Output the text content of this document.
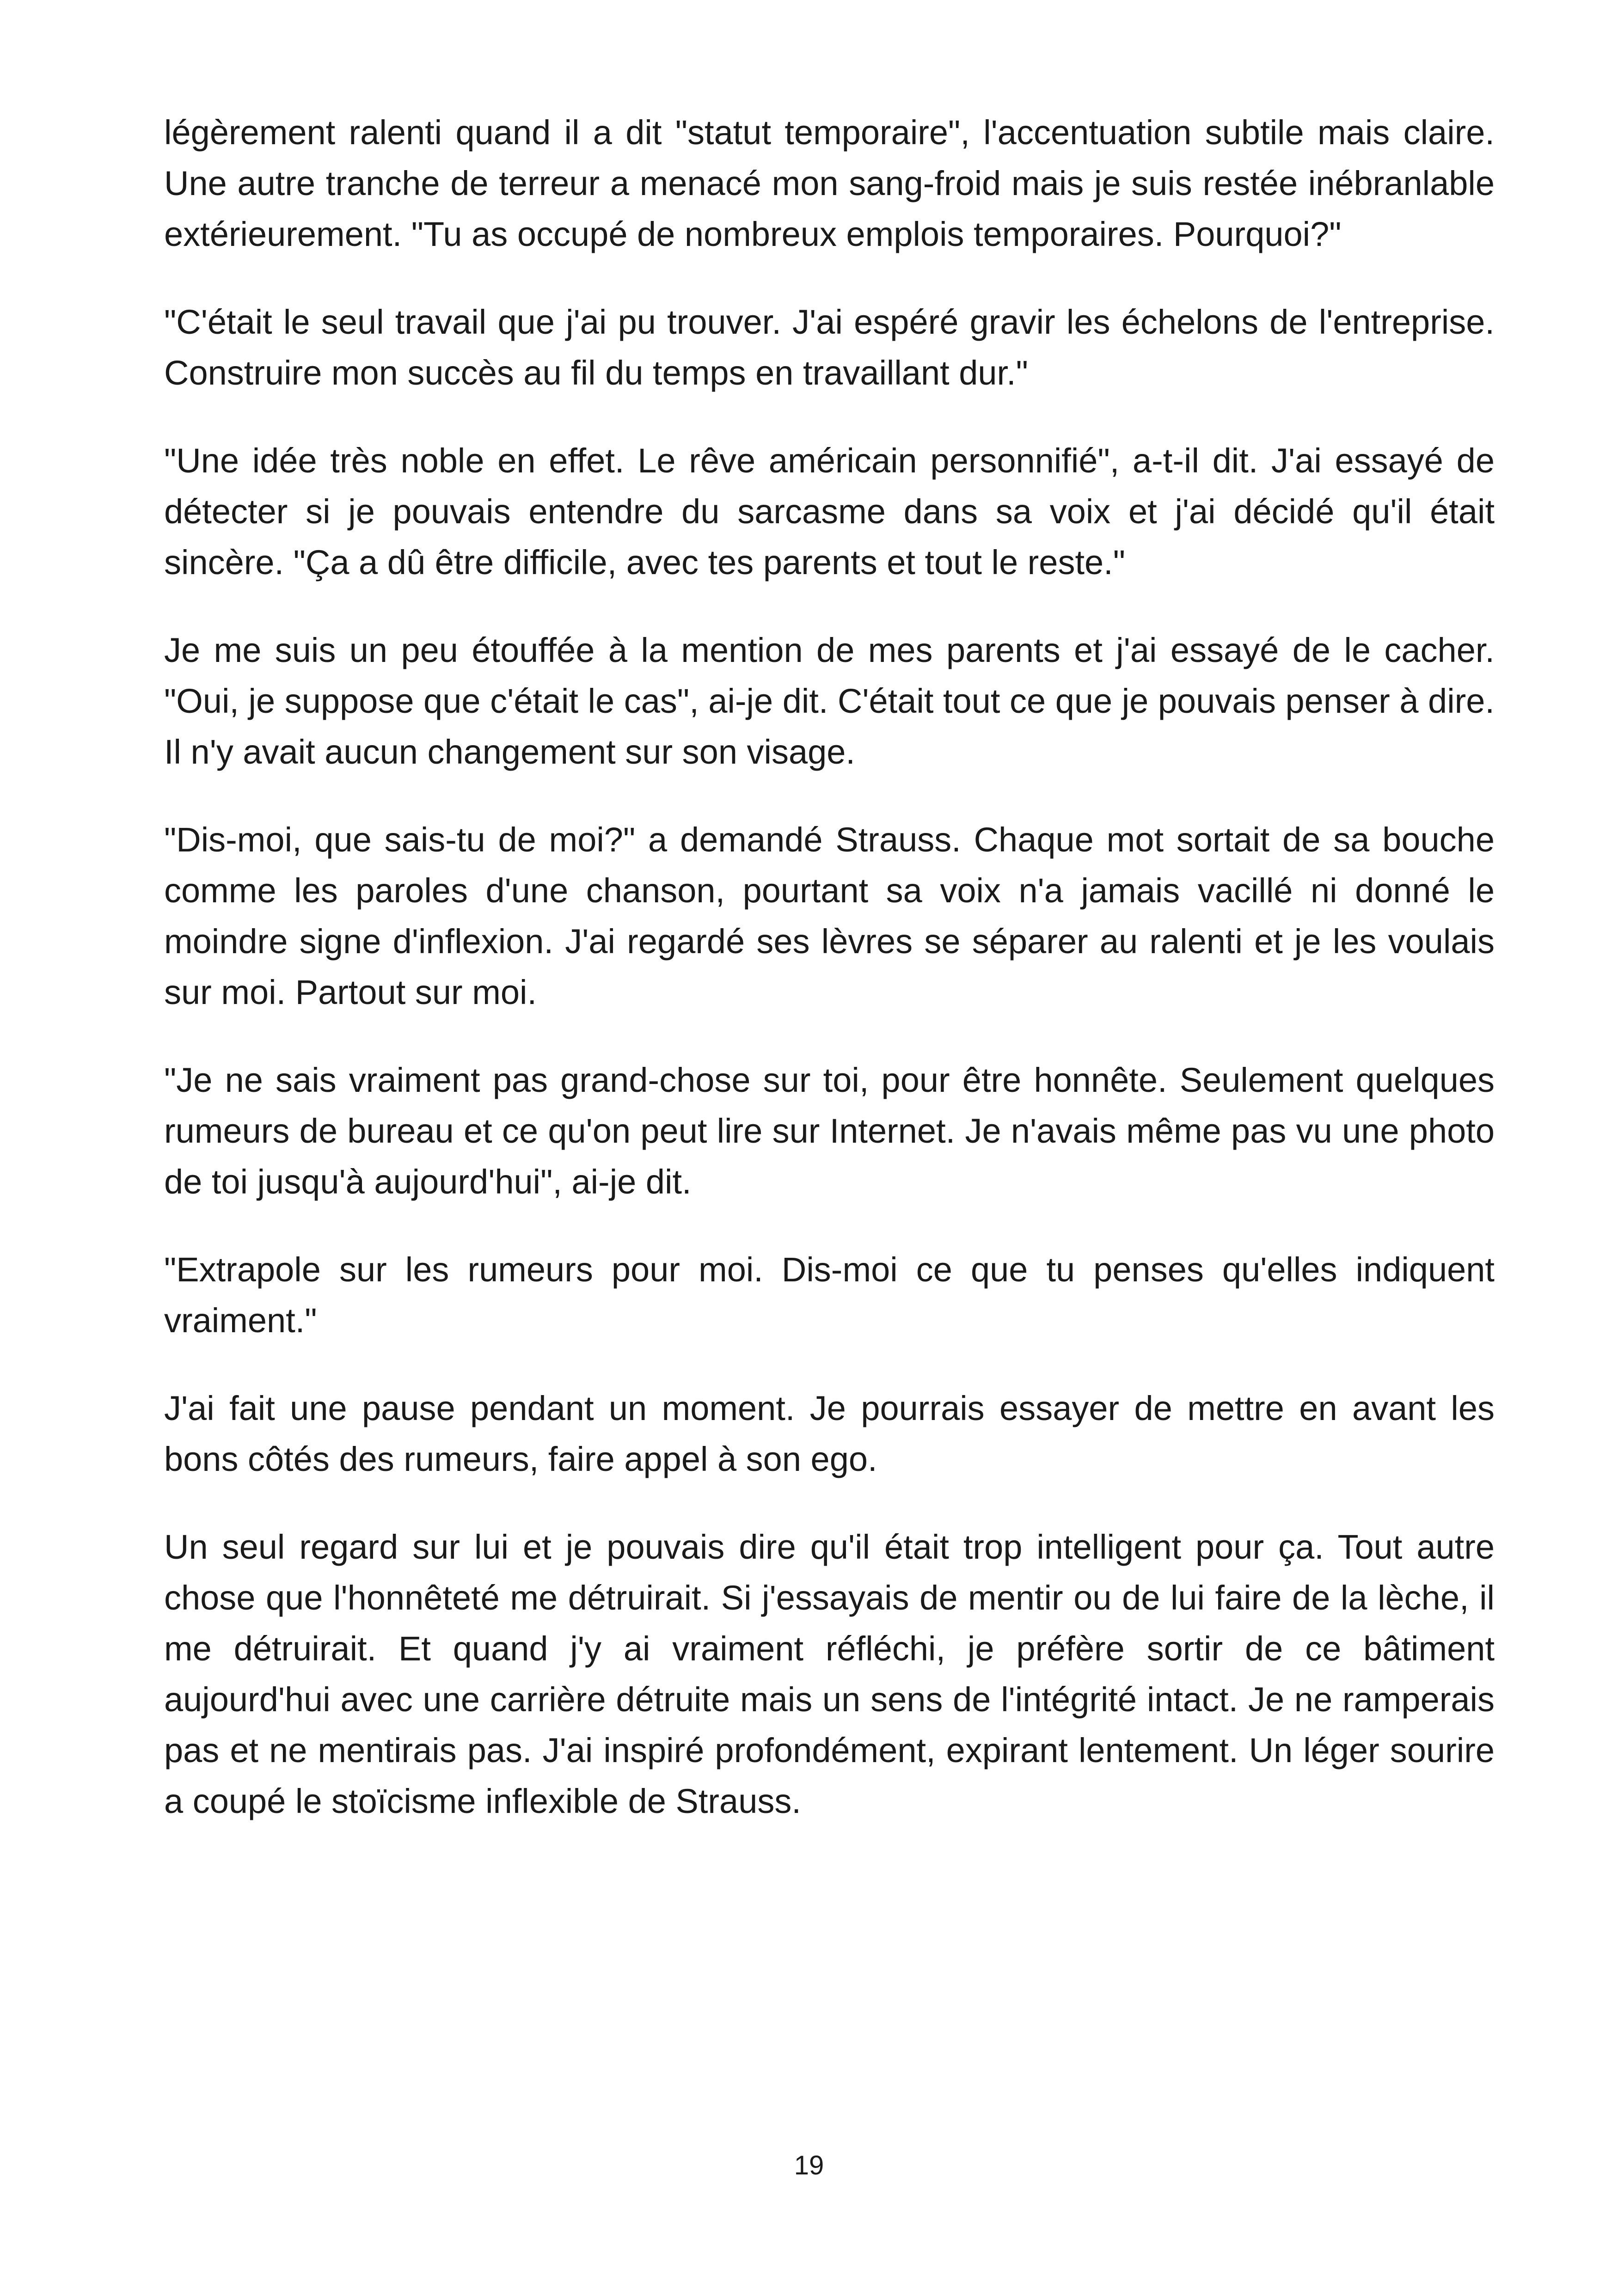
légèrement ralenti quand il a dit "statut temporaire", l'accentuation subtile mais claire. Une autre tranche de terreur a menacé mon sang-froid mais je suis restée inébranlable extérieurement. "Tu as occupé de nombreux emplois temporaires. Pourquoi?"

"C'était le seul travail que j'ai pu trouver. J'ai espéré gravir les échelons de l'entreprise. Construire mon succès au fil du temps en travaillant dur."

"Une idée très noble en effet. Le rêve américain personnifié", a-t-il dit. J'ai essayé de détecter si je pouvais entendre du sarcasme dans sa voix et j'ai décidé qu'il était sincère. "Ça a dû être difficile, avec tes parents et tout le reste."

Je me suis un peu étouffée à la mention de mes parents et j'ai essayé de le cacher. "Oui, je suppose que c'était le cas", ai-je dit. C'était tout ce que je pouvais penser à dire. Il n'y avait aucun changement sur son visage.

"Dis-moi, que sais-tu de moi?" a demandé Strauss. Chaque mot sortait de sa bouche comme les paroles d'une chanson, pourtant sa voix n'a jamais vacillé ni donné le moindre signe d'inflexion. J'ai regardé ses lèvres se séparer au ralenti et je les voulais sur moi. Partout sur moi.

"Je ne sais vraiment pas grand-chose sur toi, pour être honnête. Seulement quelques rumeurs de bureau et ce qu'on peut lire sur Internet. Je n'avais même pas vu une photo de toi jusqu'à aujourd'hui", ai-je dit.

"Extrapole sur les rumeurs pour moi. Dis-moi ce que tu penses qu'elles indiquent vraiment."

J'ai fait une pause pendant un moment. Je pourrais essayer de mettre en avant les bons côtés des rumeurs, faire appel à son ego.

Un seul regard sur lui et je pouvais dire qu'il était trop intelligent pour ça. Tout autre chose que l'honnêteté me détruirait. Si j'essayais de mentir ou de lui faire de la lèche, il me détruirait. Et quand j'y ai vraiment réfléchi, je préfère sortir de ce bâtiment aujourd'hui avec une carrière détruite mais un sens de l'intégrité intact. Je ne ramperais pas et ne mentirais pas. J'ai inspiré profondément, expirant lentement. Un léger sourire a coupé le stoïcisme inflexible de Strauss.

19
